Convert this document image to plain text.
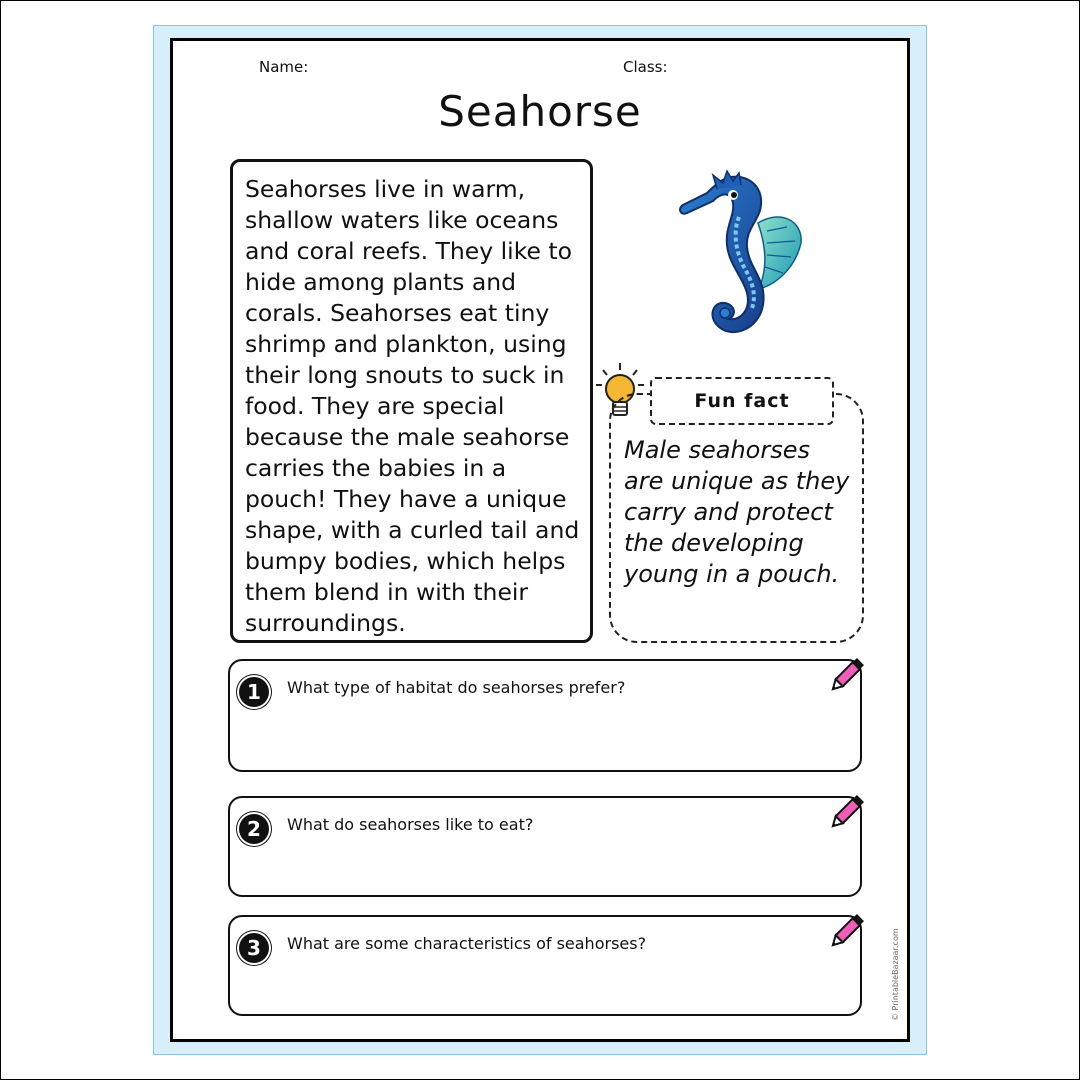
Name:	Class:
Seahorse

Seahorses live in warm, shallow waters like oceans and coral reefs. They like to hide among plants and corals. Seahorses eat tiny shrimp and plankton, using their long snouts to suck in food. They are special because the male seahorse carries the babies in a pouch! They have a unique shape, with a curled tail and bumpy bodies, which helps them blend in with their surroundings.

Fun fact

Male seahorses are unique as they carry and protect the developing young in a pouch.

1	What type of habitat do seahorses prefer?
2	What do seahorses like to eat?
3	What are some characteristics of seahorses?	© PrintableBazaar.com
